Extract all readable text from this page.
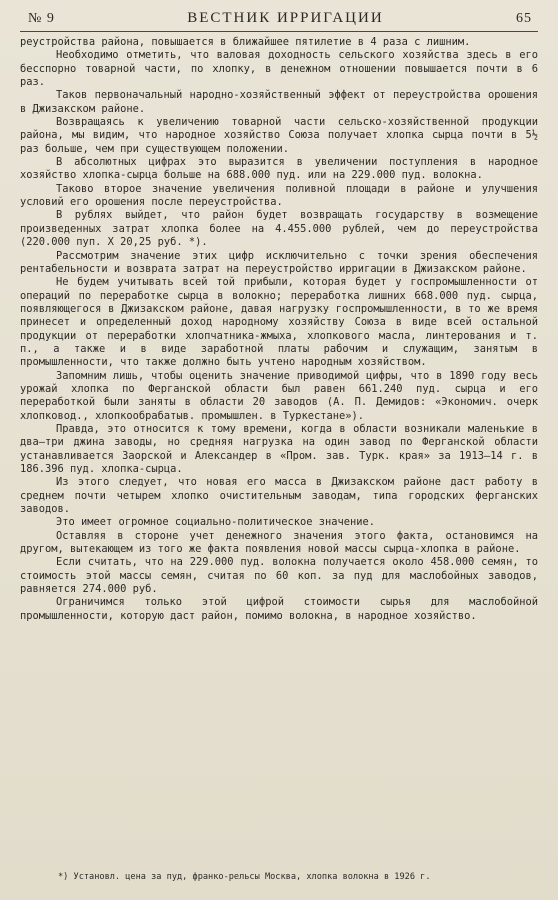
№ 9	ВЕСТНИК ИРРИГАЦИИ	65

реустройства района, повышается в ближайшее пятилетие в 4 раза с лишним.

Необходимо отметить, что валовая доходность сельского хозяйства здесь в его бесспорно товарной части, по хлопку, в денежном отношении повышается почти в 6 раз.

Таков первоначальный народно-хозяйственный эффект от переустройства орошения в Джизакском районе.

Возвращаясь к увеличению товарной части сельско-хозяйственной продукции района, мы видим, что народное хозяйство Союза получает хлопка сырца почти в 5½ раз больше, чем при существующем положении.

В абсолютных цифрах это выразится в увеличении поступления в народное хозяйство хлопка-сырца больше на 688.000 пуд. или на 229.000 пуд. волокна.

Таково второе значение увеличения поливной площади в районе и улучшения условий его орошения после переустройства.

В рублях выйдет, что район будет возвращать государству в возмещение произведенных затрат хлопка более на 4.455.000 рублей, чем до переустройства (220.000 пуп. X 20,25 руб. *).

Рассмотрим значение этих цифр исключительно с точки зрения обеспечения рентабельности и возврата затрат на переустройство ирригации в Джизакском районе.

Не будем учитывать всей той прибыли, которая будет у госпромышленности от операций по переработке сырца в волокно; переработка лишних 668.000 пуд. сырца, появляющегося в Джизакском районе, давая нагрузку госпромышленности, в то же время принесет и определенный доход народному хозяйству Союза в виде всей остальной продукции от переработки хлопчатника-жмыха, хлопкового масла, линтерования и т. п., а также и в виде заработной платы рабочим и служащим, занятым в промышленности, что также должно быть учтено народным хозяйством.

Запомним лишь, чтобы оценить значение приводимой цифры, что в 1890 году весь урожай хлопка по Ферганской области был равен 661.240 пуд. сырца и его переработкой были заняты в области 20 заводов (А. П. Демидов: «Экономич. очерк хлопковод., хлопкообрабатыв. промышлен. в Туркестане»).

Правда, это относится к тому времени, когда в области возникали маленькие в два—три джина заводы, но средняя нагрузка на один завод по Ферганской области устанавливается Заорской и Александер в «Пром. зав. Турк. края» за 1913—14 г. в 186.396 пуд. хлопка-сырца.

Из этого следует, что новая его масса в Джизакском районе даст работу в среднем почти четырем хлопко очистительным заводам, типа городских ферганских заводов.

Это имеет огромное социально-политическое значение.

Оставляя в стороне учет денежного значения этого факта, остановимся на другом, вытекающем из того же факта появления новой массы сырца-хлопка в районе.

Если считать, что на 229.000 пуд. волокна получается около 458.000 семян, то стоимость этой массы семян, считая по 60 коп. за пуд для маслобойных заводов, равняется 274.000 руб.

Ограничимся только этой цифрой стоимости сырья для маслобойной промышленности, которую даст район, помимо волокна, в народное хозяйство.

*) Установл. цена за пуд, франко-рельсы Москва, хлопка волокна в 1926 г.
